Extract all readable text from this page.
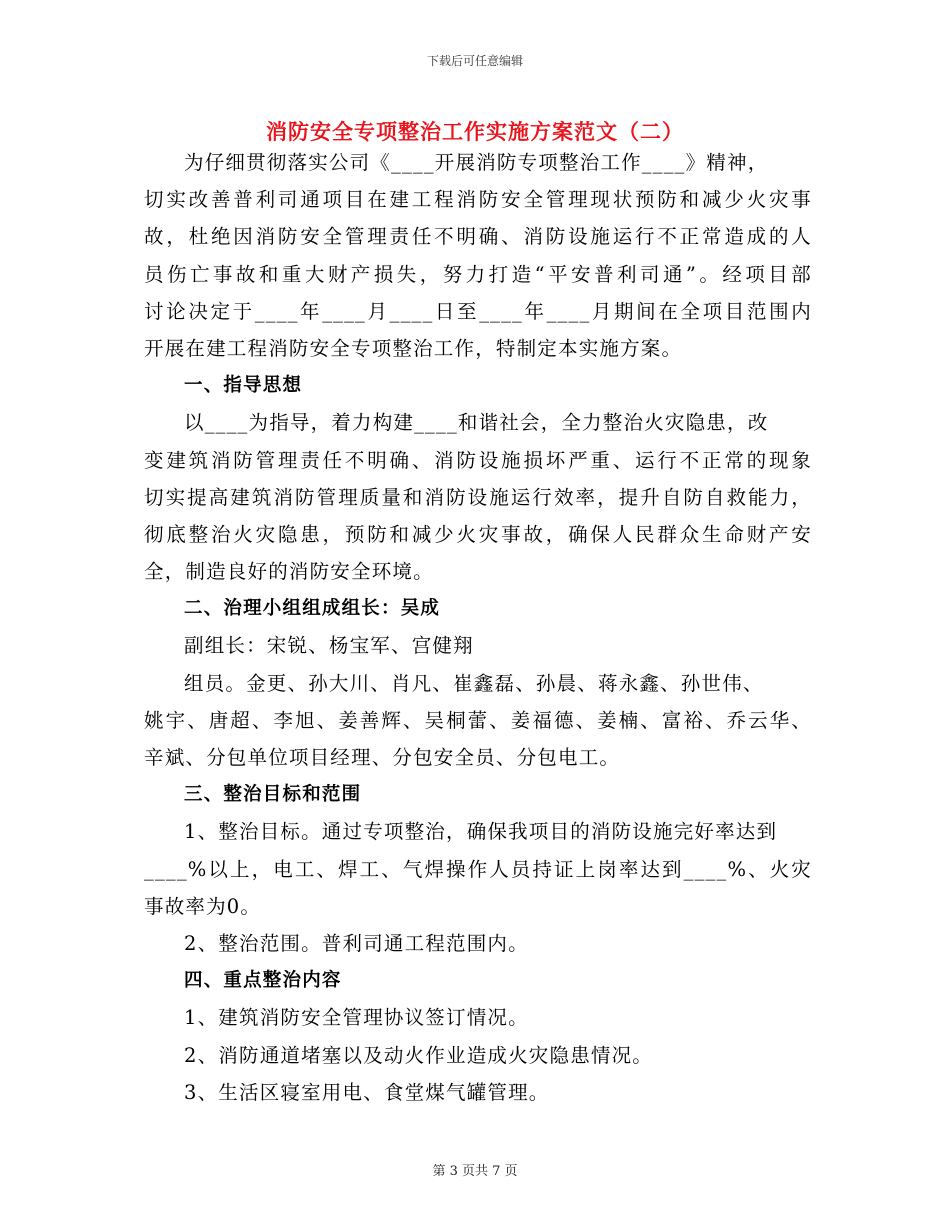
下载后可任意编辑
消防安全专项整治工作实施方案范文（二）
为仔细贯彻落实公司《____开展消防专项整治工作____》精神，
切实改善普利司通项目在建工程消防安全管理现状预防和减少火灾事
故，杜绝因消防安全管理责任不明确、消防设施运行不正常造成的人
员伤亡事故和重大财产损失，努力打造“平安普利司通”。经项目部
讨论决定于____年____月____日至____年____月期间在全项目范围内
开展在建工程消防安全专项整治工作，特制定本实施方案。
一、指导思想
以____为指导，着力构建____和谐社会，全力整治火灾隐患，改
变建筑消防管理责任不明确、消防设施损坏严重、运行不正常的现象
切实提高建筑消防管理质量和消防设施运行效率，提升自防自救能力，
彻底整治火灾隐患，预防和减少火灾事故，确保人民群众生命财产安
全，制造良好的消防安全环境。
二、治理小组组成组长：吴成
副组长：宋锐、杨宝军、宫健翔
组员。金更、孙大川、肖凡、崔鑫磊、孙晨、蒋永鑫、孙世伟、
姚宇、唐超、李旭、姜善辉、吴桐蕾、姜福德、姜楠、富裕、乔云华、
辛斌、分包单位项目经理、分包安全员、分包电工。
三、整治目标和范围
1、整治目标。通过专项整治，确保我项目的消防设施完好率达到
____%以上，电工、焊工、气焊操作人员持证上岗率达到____%、火灾
事故率为0。
2、整治范围。普利司通工程范围内。
四、重点整治内容
1、建筑消防安全管理协议签订情况。
2、消防通道堵塞以及动火作业造成火灾隐患情况。
3、生活区寝室用电、食堂煤气罐管理。
第 3 页共 7 页
